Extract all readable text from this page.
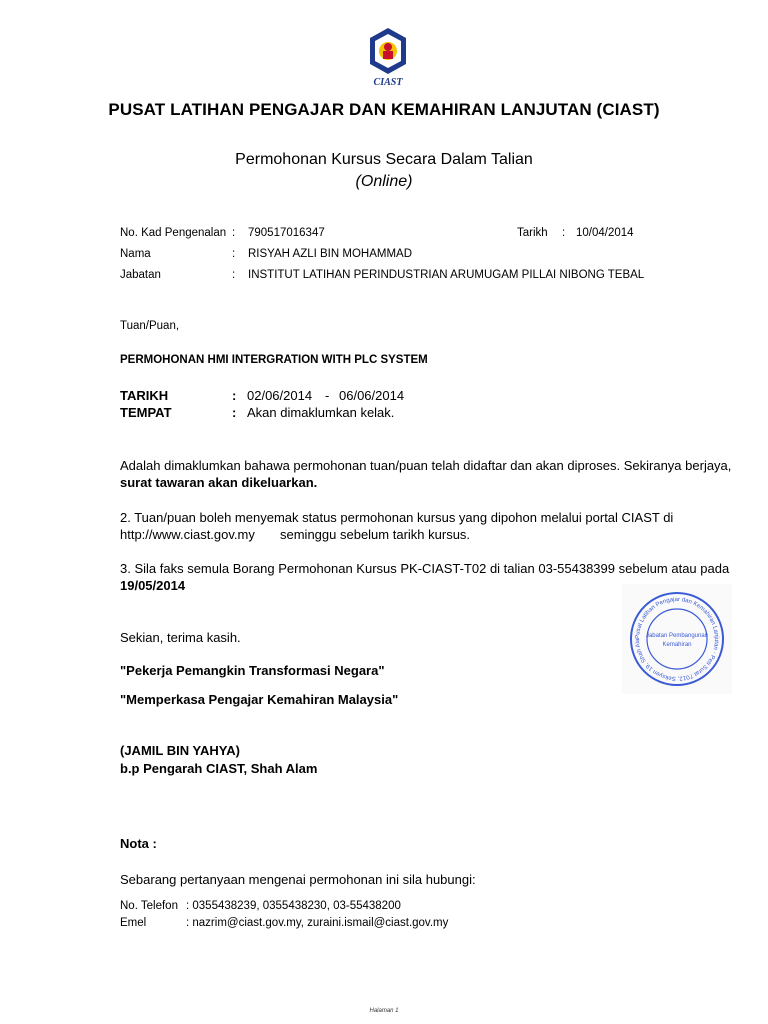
CIAST
PUSAT LATIHAN PENGAJAR DAN KEMAHIRAN LANJUTAN (CIAST)
Permohonan Kursus Secara Dalam Talian
(Online)
No. Kad Pengenalan : 790517016347	Tarikh : 10/04/2014
Nama	: RISYAH AZLI BIN MOHAMMAD
Jabatan	: INSTITUT LATIHAN PERINDUSTRIAN ARUMUGAM PILLAI NIBONG TEBAL
Tuan/Puan,
PERMOHONAN HMI INTERGRATION WITH PLC SYSTEM
TARIKH	: 02/06/2014 - 06/06/2014
TEMPAT	: Akan dimaklumkan kelak.
Adalah dimaklumkan bahawa permohonan tuan/puan telah didaftar dan akan diproses. Sekiranya berjaya,
surat tawaran akan dikeluarkan.
2. Tuan/puan boleh menyemak status permohonan kursus yang dipohon melalui portal CIAST di
http://www.ciast.gov.my seminggu sebelum tarikh kursus.
3. Sila faks semula Borang Permohonan Kursus PK-CIAST-T02 di talian 03-55438399 sebelum atau pada
19/05/2014
Sekian, terima kasih.
"Pekerja Pemangkin Transformasi Negara"
"Memperkasa Pengajar Kemahiran Malaysia"
(JAMIL BIN YAHYA)
b.p Pengarah CIAST, Shah Alam
Pusat Latihan Pengajar dan Kemahiran Lanjutan · Peti Surat 7012, Seksyen 19, Shah Ala
Jabatan Pembangunan
Kemahiran
Nota :
Sebarang pertanyaan mengenai permohonan ini sila hubungi:
No. Telefon : 0355438239, 0355438230, 03-55438200
Emel	: nazrim@ciast.gov.my, zuraini.ismail@ciast.gov.my
Halaman 1
